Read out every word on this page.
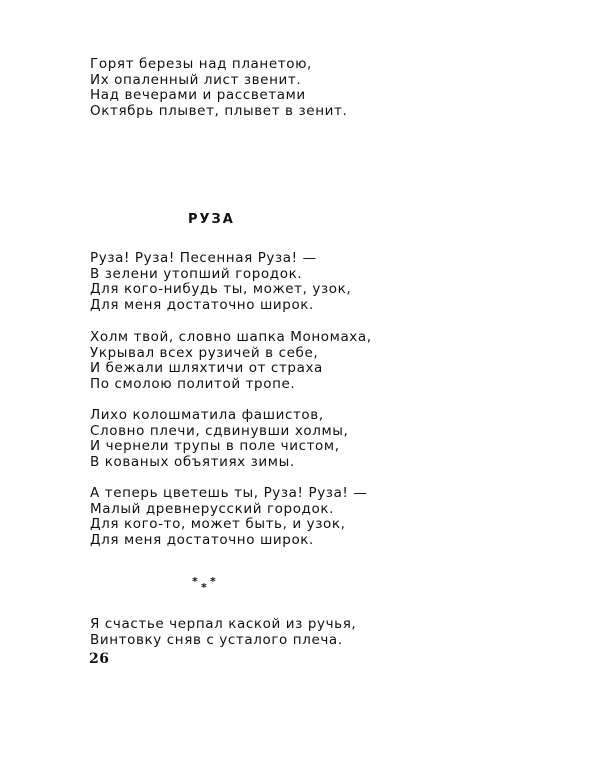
Горят березы над планетою,
Их опаленный лист звенит.
Над вечерами и рассветами
Октябрь плывет, плывет в зенит.
РУЗА
Руза! Руза! Песенная Руза! —
В зелени утопший городок.
Для кого-нибудь ты, может, узок,
Для меня достаточно широк.
Холм твой, словно шапка Мономаха,
Укрывал всех рузичей в себе,
И бежали шляхтичи от страха
По смолою политой тропе.
Лихо колошматила фашистов,
Словно плечи, сдвинувши холмы,
И чернели трупы в поле чистом,
В кованых объятиях зимы.
А теперь цветешь ты, Руза! Руза! —
Малый древнерусский городок.
Для кого-то, может быть, и узок,
Для меня достаточно широк.
* * *
Я счастье черпал каской из ручья,
Винтовку сняв с усталого плеча.
26
